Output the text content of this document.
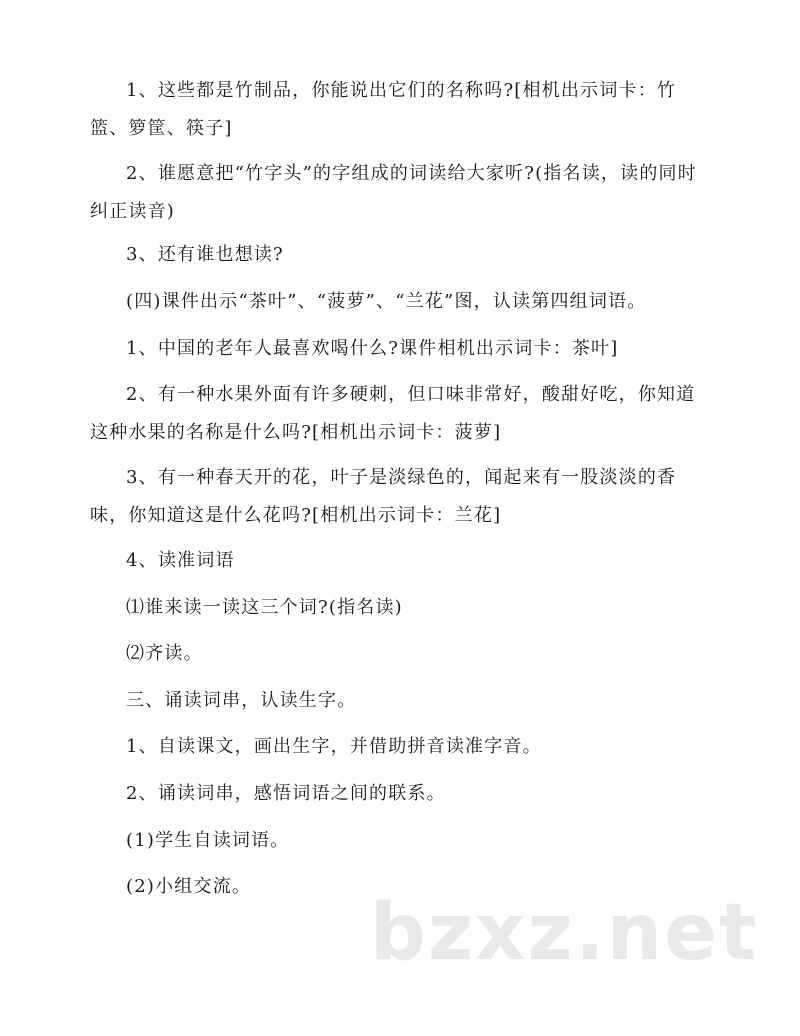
1、这些都是竹制品，你能说出它们的名称吗?[相机出示词卡：竹篮、箩筐、筷子]

2、谁愿意把“竹字头”的字组成的词读给大家听?(指名读，读的同时纠正读音)

3、还有谁也想读?

(四)课件出示“茶叶”、“菠萝”、“兰花”图，认读第四组词语。

1、中国的老年人最喜欢喝什么?课件相机出示词卡：茶叶]

2、有一种水果外面有许多硬刺，但口味非常好，酸甜好吃，你知道这种水果的名称是什么吗?[相机出示词卡：菠萝]

3、有一种春天开的花，叶子是淡绿色的，闻起来有一股淡淡的香味，你知道这是什么花吗?[相机出示词卡：兰花]

4、读准词语

⑴谁来读一读这三个词?(指名读)

⑵齐读。

三、诵读词串，认读生字。

1、自读课文，画出生字，并借助拼音读准字音。

2、诵读词串，感悟词语之间的联系。

(1)学生自读词语。

(2)小组交流。

bzxz.net
